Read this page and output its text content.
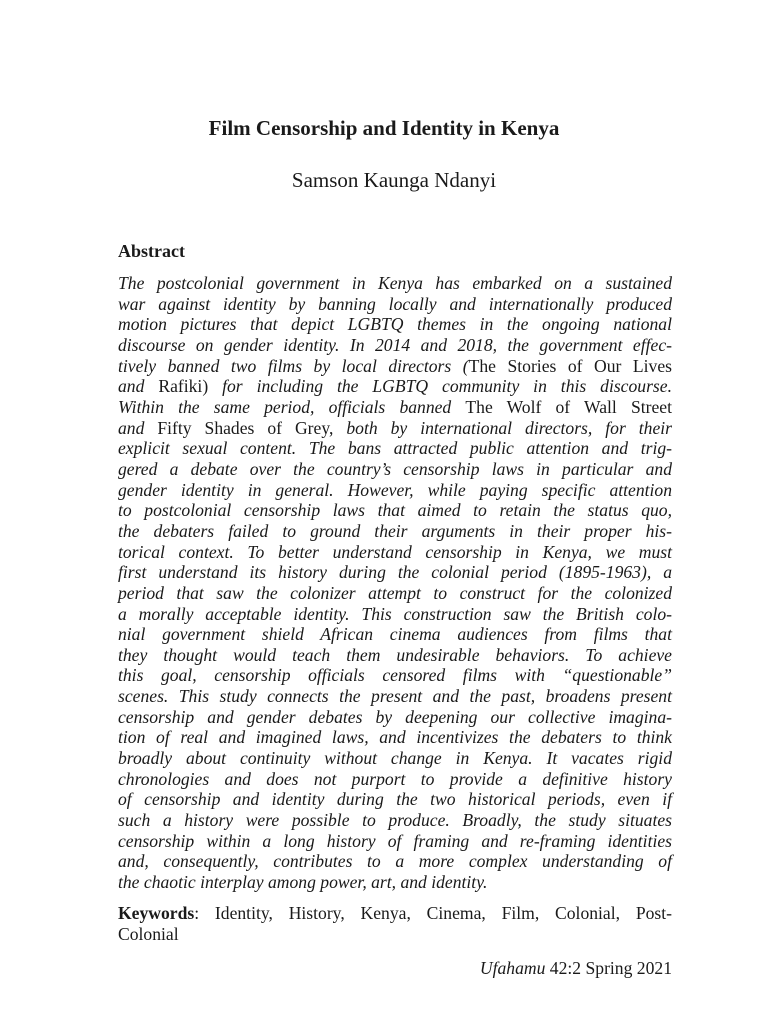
Film Censorship and Identity in Kenya
Samson Kaunga Ndanyi
Abstract
The postcolonial government in Kenya has embarked on a sustained
war against identity by banning locally and internationally produced
motion pictures that depict LGBTQ themes in the ongoing national
discourse on gender identity. In 2014 and 2018, the government effec-
tively banned two films by local directors (The Stories of Our Lives
and Rafiki) for including the LGBTQ community in this discourse.
Within the same period, officials banned The Wolf of Wall Street
and Fifty Shades of Grey, both by international directors, for their
explicit sexual content. The bans attracted public attention and trig-
gered a debate over the country’s censorship laws in particular and
gender identity in general. However, while paying specific attention
to postcolonial censorship laws that aimed to retain the status quo,
the debaters failed to ground their arguments in their proper his-
torical context. To better understand censorship in Kenya, we must
first understand its history during the colonial period (1895-1963), a
period that saw the colonizer attempt to construct for the colonized
a morally acceptable identity. This construction saw the British colo-
nial government shield African cinema audiences from films that
they thought would teach them undesirable behaviors. To achieve
this goal, censorship officials censored films with “questionable”
scenes. This study connects the present and the past, broadens present
censorship and gender debates by deepening our collective imagina-
tion of real and imagined laws, and incentivizes the debaters to think
broadly about continuity without change in Kenya. It vacates rigid
chronologies and does not purport to provide a definitive history
of censorship and identity during the two historical periods, even if
such a history were possible to produce. Broadly, the study situates
censorship within a long history of framing and re-framing identities
and, consequently, contributes to a more complex understanding of
the chaotic interplay among power, art, and identity.
Keywords: Identity, History, Kenya, Cinema, Film, Colonial, Post-
Colonial
Ufahamu 42:2 Spring 2021
